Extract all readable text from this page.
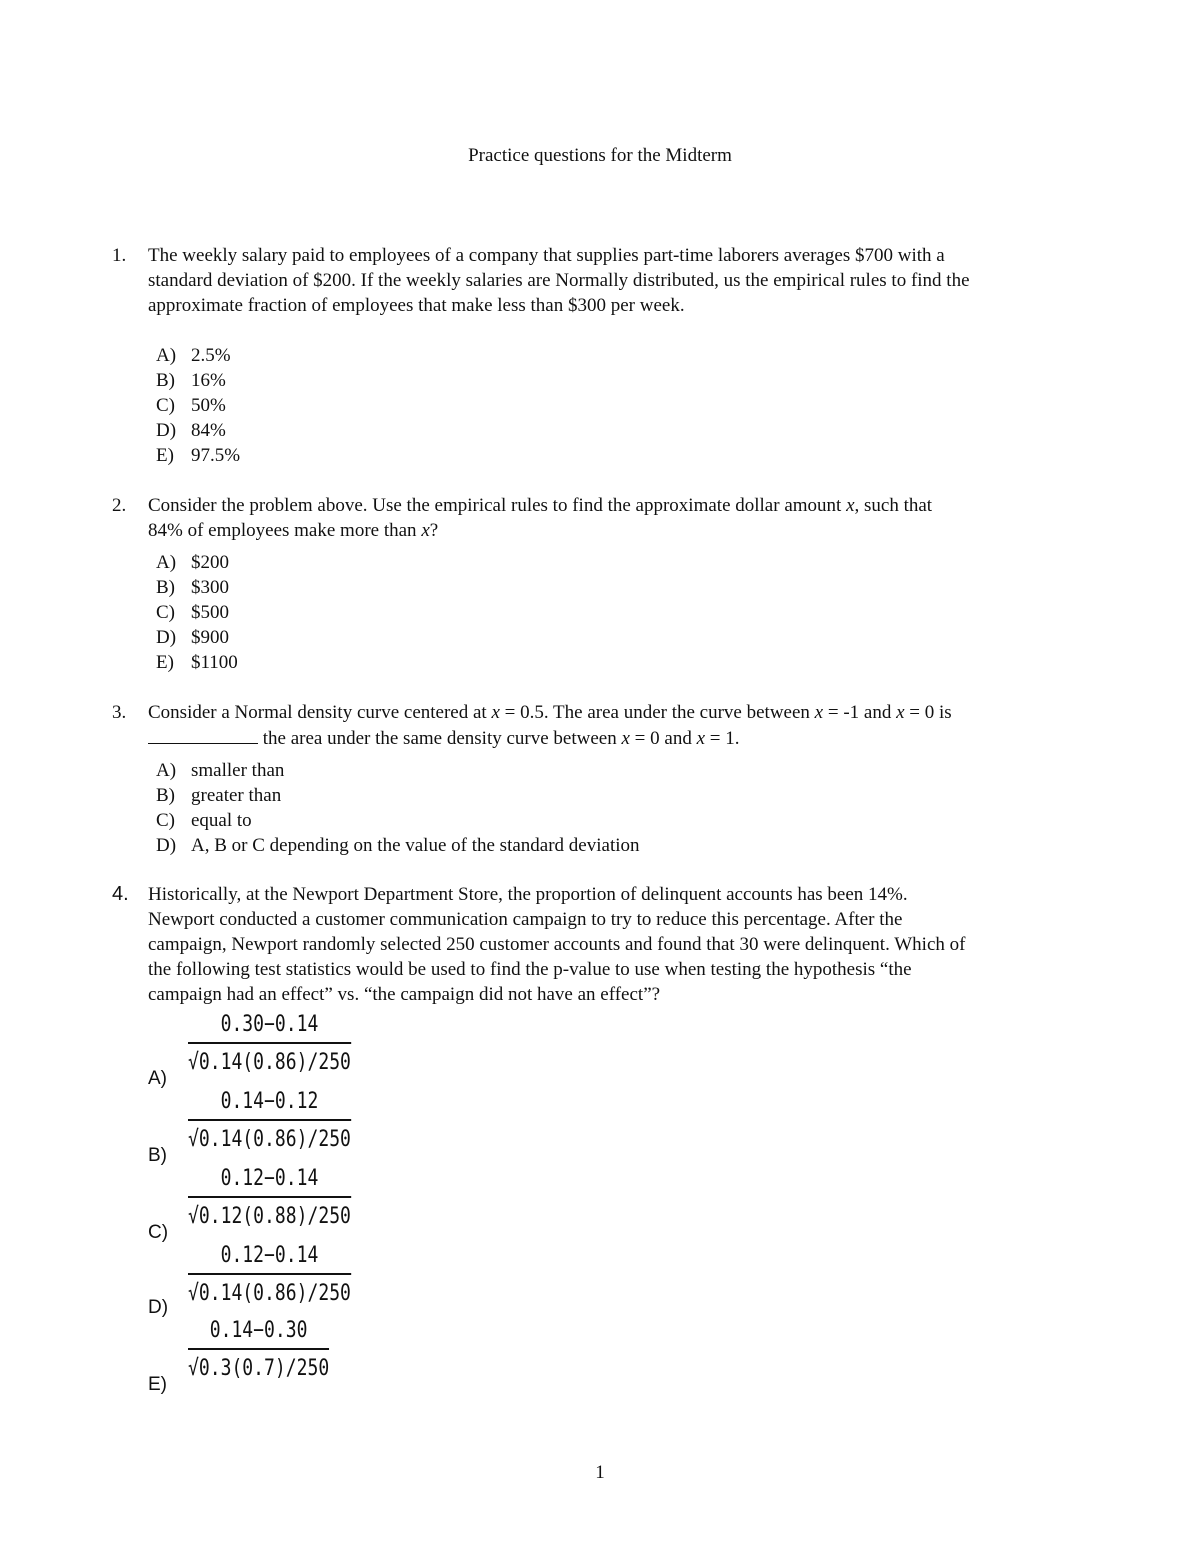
Practice questions for the Midterm
1.	The weekly salary paid to employees of a company that supplies part-time laborers averages $700 with a
standard deviation of $200. If the weekly salaries are Normally distributed, us the empirical rules to find the
approximate fraction of employees that make less than $300 per week.
A) 2.5%
B) 16%
C) 50%
D) 84%
E) 97.5%
2.	Consider the problem above. Use the empirical rules to find the approximate dollar amount x, such that
84% of employees make more than x?
A) $200
B) $300
C) $500
D) $900
E) $1100
3.	Consider a Normal density curve centered at x = 0.5. The area under the curve between x = -1 and x = 0 is
the area under the same density curve between x = 0 and x = 1.
A) smaller than
B) greater than
C) equal to
D) A, B or C depending on the value of the standard deviation
4.	Historically, at the Newport Department Store, the proportion of delinquent accounts has been 14%.
Newport conducted a customer communication campaign to try to reduce this percentage. After the
campaign, Newport randomly selected 250 customer accounts and found that 30 were delinquent. Which of
the following test statistics would be used to find the p-value to use when testing the hypothesis “the
campaign had an effect” vs. “the campaign did not have an effect”?
A)
0.30−0.14
√0.14(0.86)/250
B)
0.14−0.12
√0.14(0.86)/250
C)
0.12−0.14
√0.12(0.88)/250
D)
0.12−0.14
√0.14(0.86)/250
E)
0.14−0.30
√0.3(0.7)/250
1
